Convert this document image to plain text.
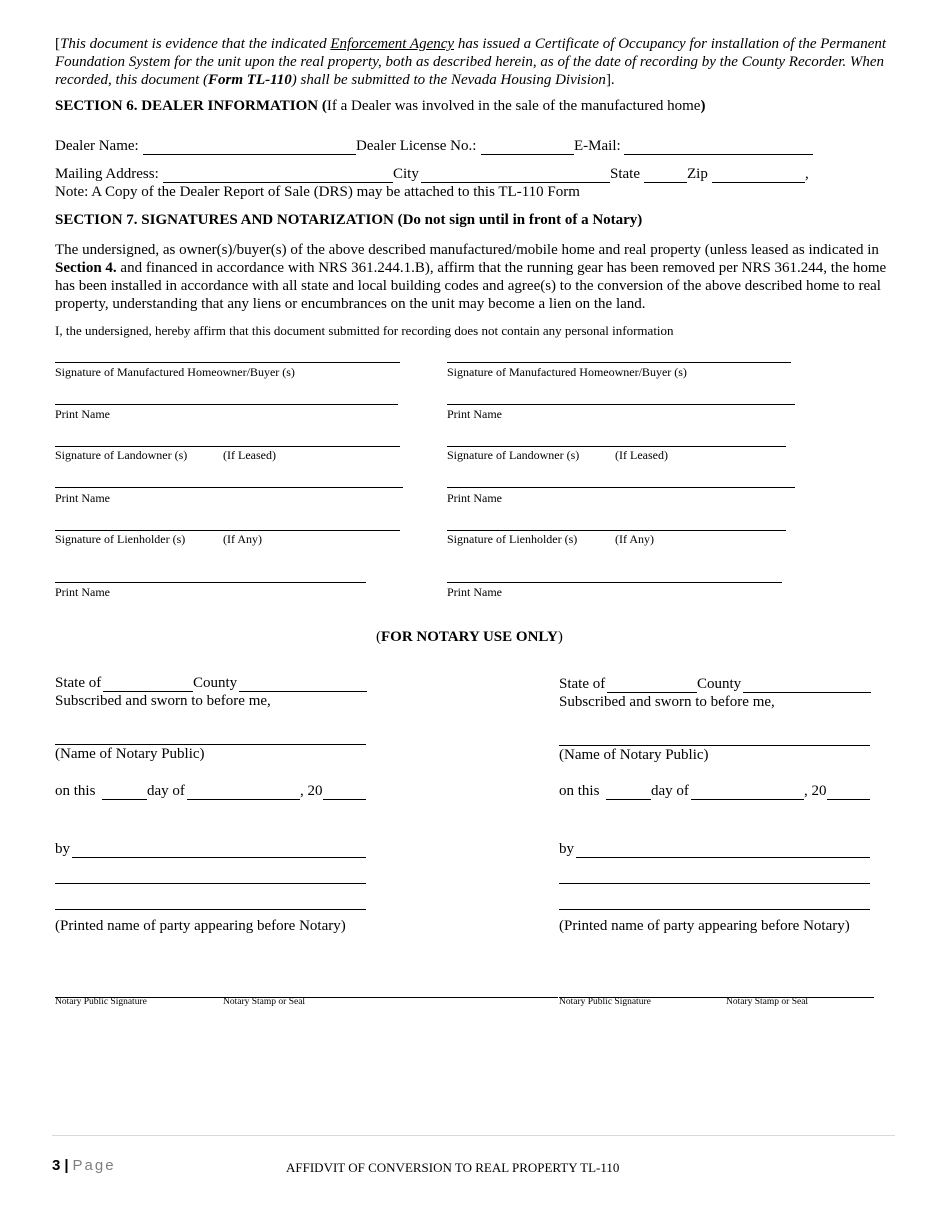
[This document is evidence that the indicated Enforcement Agency has issued a Certificate of Occupancy for installation of the Permanent Foundation System for the unit upon the real property, both as described herein, as of the date of recording by the County Recorder. When recorded, this document (Form TL-110) shall be submitted to the Nevada Housing Division].
SECTION 6. DEALER INFORMATION (If a Dealer was involved in the sale of the manufactured home)
Dealer Name:	Dealer License No.:	E-Mail:
Mailing Address:	City	State	Zip	,
Note: A Copy of the Dealer Report of Sale (DRS) may be attached to this TL-110 Form
SECTION 7. SIGNATURES AND NOTARIZATION (Do not sign until in front of a Notary)
The undersigned, as owner(s)/buyer(s) of the above described manufactured/mobile home and real property (unless leased as indicated in Section 4. and financed in accordance with NRS 361.244.1.B), affirm that the running gear has been removed per NRS 361.244, the home has been installed in accordance with all state and local building codes and agree(s) to the conversion of the above described home to real property, understanding that any liens or encumbrances on the unit may become a lien on the land.
I, the undersigned, hereby affirm that this document submitted for recording does not contain any personal information
Signature of Manufactured Homeowner/Buyer (s)
Print Name
Signature of Landowner (s)	(If Leased)
Print Name
Signature of Lienholder (s)	(If Any)
Print Name
Signature of Manufactured Homeowner/Buyer (s)
Print Name
Signature of Landowner (s)	(If Leased)
Print Name
Signature of Lienholder (s)	(If Any)
Print Name
(FOR NOTARY USE ONLY)
State of	County
Subscribed and sworn to before me,
(Name of Notary Public)
on this	day of	, 20
by
(Printed name of party appearing before Notary)
Notary Public Signature	Notary Stamp or Seal
State of	County
Subscribed and sworn to before me,
(Name of Notary Public)
on this	day of	, 20
by
(Printed name of party appearing before Notary)
Notary Public Signature	Notary Stamp or Seal
3 | Page	AFFIDVIT OF CONVERSION TO REAL PROPERTY TL-110
